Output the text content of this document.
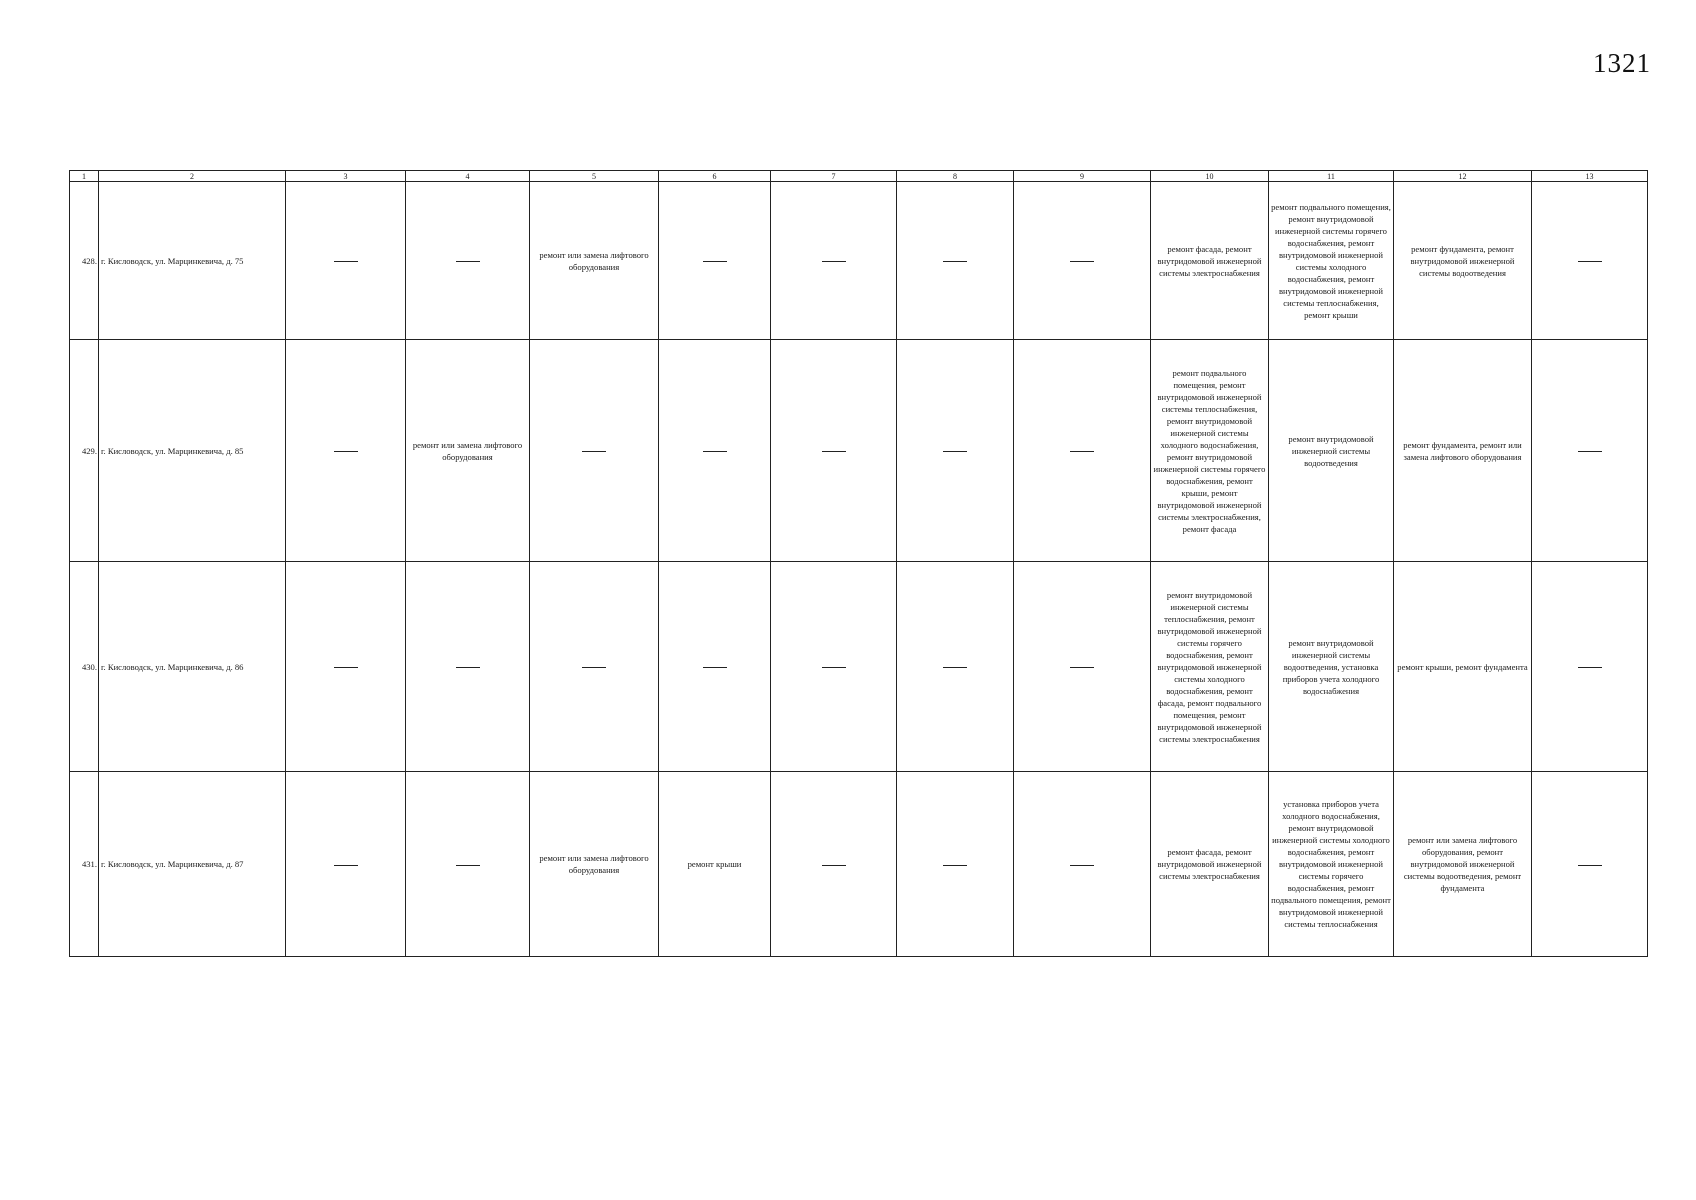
1321
1	2	3	4	5	6	7	8	9	10	11	12	13
428.	г. Кисловодск, ул. Марцинкевича, д. 75			ремонт или замена лифтового оборудования					ремонт фасада, ремонт внутридомовой инженерной системы электроснабжения	ремонт подвального помещения, ремонт внутридомовой инженерной системы горячего водоснабжения, ремонт внутридомовой инженерной системы холодного водоснабжения, ремонт внутридомовой инженерной системы теплоснабжения, ремонт крыши	ремонт фундамента, ремонт внутридомовой инженерной системы водоотведения	
429.	г. Кисловодск, ул. Марцинкевича, д. 85		ремонт или замена лифтового оборудования						ремонт подвального помещения, ремонт внутридомовой инженерной системы теплоснабжения, ремонт внутридомовой инженерной системы холодного водоснабжения, ремонт внутридомовой инженерной системы горячего водоснабжения, ремонт крыши, ремонт внутридомовой инженерной системы электроснабжения, ремонт фасада	ремонт внутридомовой инженерной системы водоотведения	ремонт фундамента, ремонт или замена лифтового оборудования	
430.	г. Кисловодск, ул. Марцинкевича, д. 86								ремонт внутридомовой инженерной системы теплоснабжения, ремонт внутридомовой инженерной системы горячего водоснабжения, ремонт внутридомовой инженерной системы холодного водоснабжения, ремонт фасада, ремонт подвального помещения, ремонт внутридомовой инженерной системы электроснабжения	ремонт внутридомовой инженерной системы водоотведения, установка приборов учета холодного водоснабжения	ремонт крыши, ремонт фундамента	
431.	г. Кисловодск, ул. Марцинкевича, д. 87			ремонт или замена лифтового оборудования	ремонт крыши				ремонт фасада, ремонт внутридомовой инженерной системы электроснабжения	установка приборов учета холодного водоснабжения, ремонт внутридомовой инженерной системы холодного водоснабжения, ремонт внутридомовой инженерной системы горячего водоснабжения, ремонт подвального помещения, ремонт внутридомовой инженерной системы теплоснабжения	ремонт или замена лифтового оборудования, ремонт внутридомовой инженерной системы водоотведения, ремонт фундамента	
